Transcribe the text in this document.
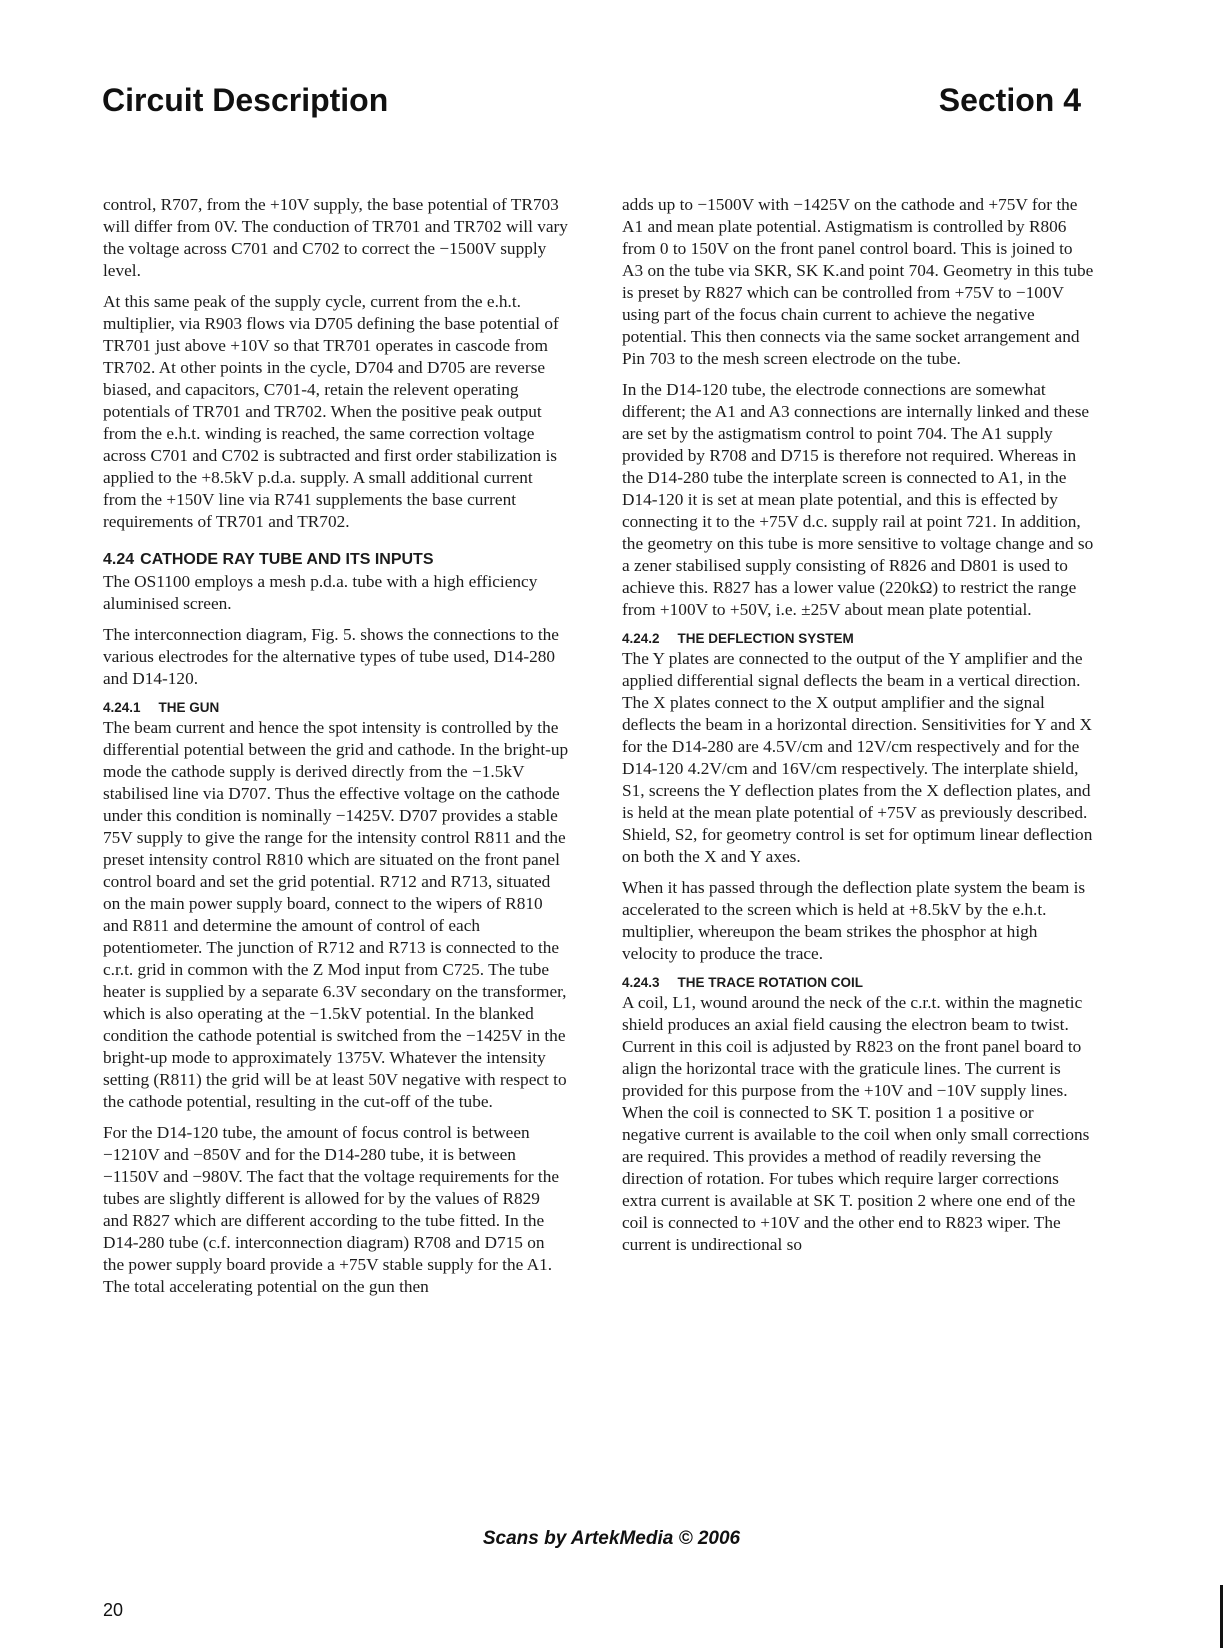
Circuit Description	Section 4

control, R707, from the +10V supply, the base potential of TR703 will differ from 0V. The conduction of TR701 and TR702 will vary the voltage across C701 and C702 to correct the −1500V supply level.

At this same peak of the supply cycle, current from the e.h.t. multiplier, via R903 flows via D705 defining the base potential of TR701 just above +10V so that TR701 operates in cascode from TR702. At other points in the cycle, D704 and D705 are reverse biased, and capacitors, C701-4, retain the relevent operating potentials of TR701 and TR702. When the positive peak output from the e.h.t. winding is reached, the same correction voltage across C701 and C702 is subtracted and first order stabilization is applied to the +8.5kV p.d.a. supply. A small additional current from the +150V line via R741 supplements the base current requirements of TR701 and TR702.

4.24 CATHODE RAY TUBE AND ITS INPUTS

The OS1100 employs a mesh p.d.a. tube with a high efficiency aluminised screen.

The interconnection diagram, Fig. 5. shows the connections to the various electrodes for the alternative types of tube used, D14-280 and D14-120.

4.24.1 THE GUN

The beam current and hence the spot intensity is controlled by the differential potential between the grid and cathode. In the bright-up mode the cathode supply is derived directly from the −1.5kV stabilised line via D707. Thus the effective voltage on the cathode under this condition is nominally −1425V. D707 provides a stable 75V supply to give the range for the intensity control R811 and the preset intensity control R810 which are situated on the front panel control board and set the grid potential. R712 and R713, situated on the main power supply board, connect to the wipers of R810 and R811 and determine the amount of control of each potentiometer. The junction of R712 and R713 is connected to the c.r.t. grid in common with the Z Mod input from C725. The tube heater is supplied by a separate 6.3V secondary on the transformer, which is also operating at the −1.5kV potential. In the blanked condition the cathode potential is switched from the −1425V in the bright-up mode to approximately 1375V. Whatever the intensity setting (R811) the grid will be at least 50V negative with respect to the cathode potential, resulting in the cut-off of the tube.

For the D14-120 tube, the amount of focus control is between −1210V and −850V and for the D14-280 tube, it is between −1150V and −980V. The fact that the voltage requirements for the tubes are slightly different is allowed for by the values of R829 and R827 which are different according to the tube fitted. In the D14-280 tube (c.f. interconnection diagram) R708 and D715 on the power supply board provide a +75V stable supply for the A1. The total accelerating potential on the gun then

adds up to −1500V with −1425V on the cathode and +75V for the A1 and mean plate potential. Astigmatism is controlled by R806 from 0 to 150V on the front panel control board. This is joined to A3 on the tube via SKR, SK K.and point 704. Geometry in this tube is preset by R827 which can be controlled from +75V to −100V using part of the focus chain current to achieve the negative potential. This then connects via the same socket arrangement and Pin 703 to the mesh screen electrode on the tube.

In the D14-120 tube, the electrode connections are somewhat different; the A1 and A3 connections are internally linked and these are set by the astigmatism control to point 704. The A1 supply provided by R708 and D715 is therefore not required. Whereas in the D14-280 tube the interplate screen is connected to A1, in the D14-120 it is set at mean plate potential, and this is effected by connecting it to the +75V d.c. supply rail at point 721. In addition, the geometry on this tube is more sensitive to voltage change and so a zener stabilised supply consisting of R826 and D801 is used to achieve this. R827 has a lower value (220kΩ) to restrict the range from +100V to +50V, i.e. ±25V about mean plate potential.

4.24.2 THE DEFLECTION SYSTEM

The Y plates are connected to the output of the Y amplifier and the applied differential signal deflects the beam in a vertical direction. The X plates connect to the X output amplifier and the signal deflects the beam in a horizontal direction. Sensitivities for Y and X for the D14-280 are 4.5V/cm and 12V/cm respectively and for the D14-120 4.2V/cm and 16V/cm respectively. The interplate shield, S1, screens the Y deflection plates from the X deflection plates, and is held at the mean plate potential of +75V as previously described. Shield, S2, for geometry control is set for optimum linear deflection on both the X and Y axes.

When it has passed through the deflection plate system the beam is accelerated to the screen which is held at +8.5kV by the e.h.t. multiplier, whereupon the beam strikes the phosphor at high velocity to produce the trace.

4.24.3 THE TRACE ROTATION COIL

A coil, L1, wound around the neck of the c.r.t. within the magnetic shield produces an axial field causing the electron beam to twist. Current in this coil is adjusted by R823 on the front panel board to align the horizontal trace with the graticule lines. The current is provided for this purpose from the +10V and −10V supply lines. When the coil is connected to SK T. position 1 a positive or negative current is available to the coil when only small corrections are required. This provides a method of readily reversing the direction of rotation. For tubes which require larger corrections extra current is available at SK T. position 2 where one end of the coil is connected to +10V and the other end to R823 wiper. The current is undirectional so

Scans by ArtekMedia © 2006
20
